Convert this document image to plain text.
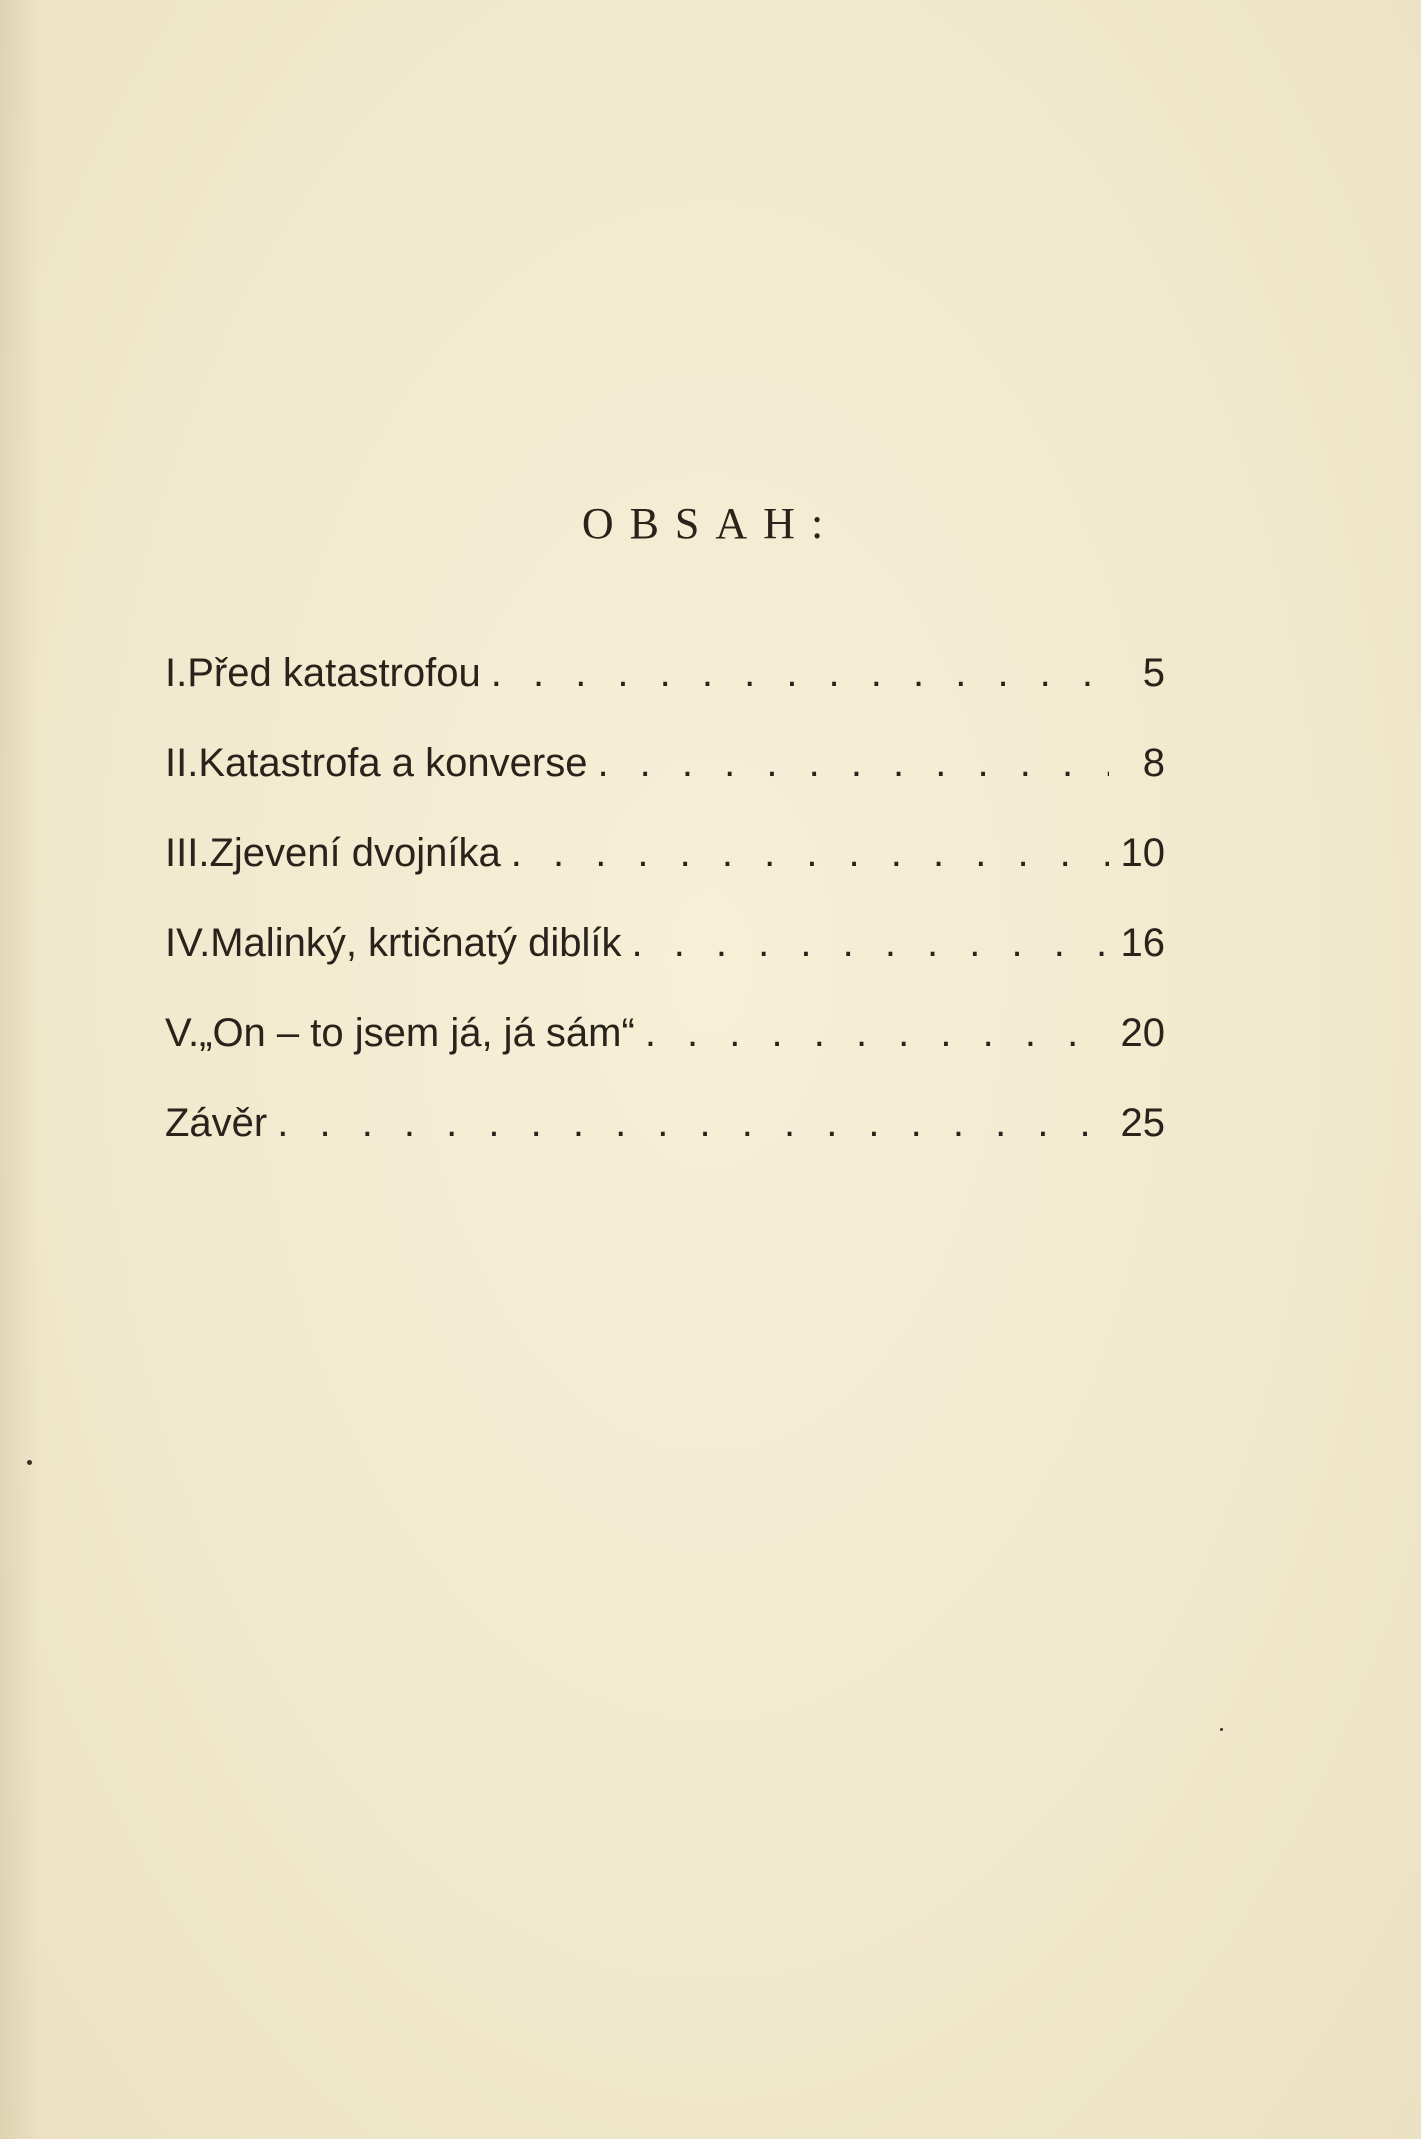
OBSAH:
I. Před katastrofou . . .	5
II. Katastrofa a konverse . . .	8
III. Zjevení dvojníka . . .	10
IV. Malinký, krtičnatý diblík . . .	16
V. „On – to jsem já, já sám“ . . .	20
Závěr . . .	25
